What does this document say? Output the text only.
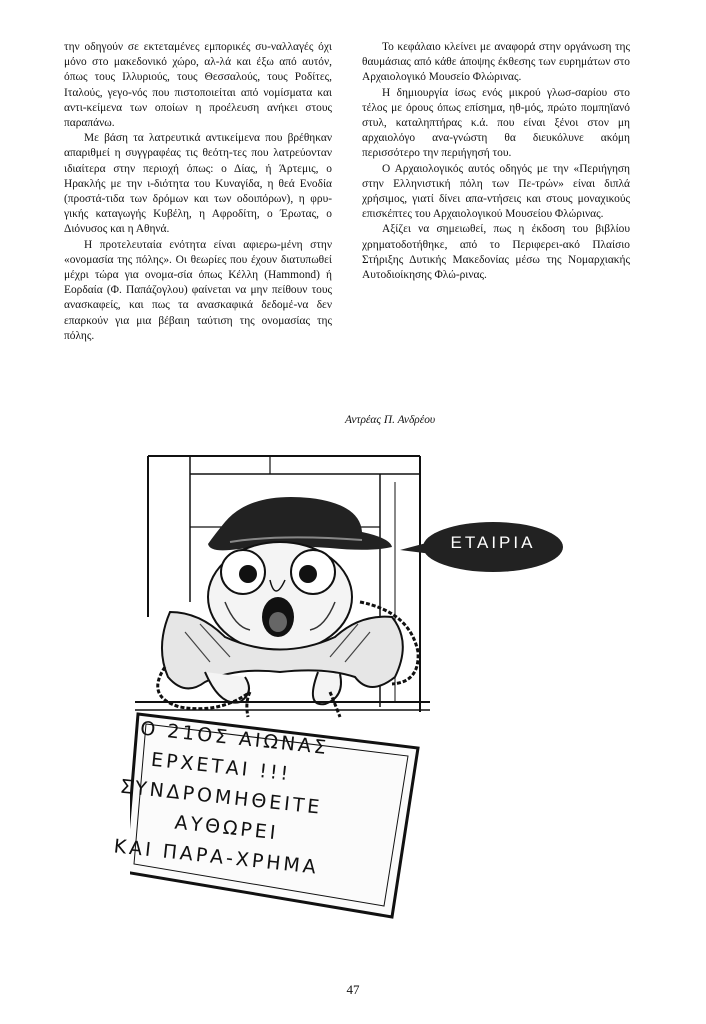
την οδηγούν σε εκτεταμένες εμπορικές συ-ναλλαγές όχι μόνο στο μακεδονικό χώρο, αλ-λά και έξω από αυτόν, όπως τους Ιλλυριούς, τους Θεσσαλούς, τους Ροδίτες, Ιταλούς, γεγο-νός που πιστοποιείται από νομίσματα και αντι-κείμενα των οποίων η προέλευση ανήκει στους παραπάνω.

Με βάση τα λατρευτικά αντικείμενα που βρέθηκαν απαριθμεί η συγγραφέας τις θεότη-τες που λατρεύονταν ιδιαίτερα στην περιοχή όπως: ο Δίας, ή Άρτεμις, ο Ηρακλής με την ι-διότητα του Κυναγίδα, η θεά Ενοδία (προστά-τιδα των δρόμων και των οδοιπόρων), η φρυ-γικής καταγωγής Κυβέλη, η Αφροδίτη, ο Έρωτας, ο Διόνυσος και η Αθηνά.

Η προτελευταία ενότητα είναι αφιερω-μένη στην «ονομασία της πόλης». Οι θεωρίες που έχουν διατυπωθεί μέχρι τώρα για ονομα-σία όπως Κέλλη (Hammond) ή Εορδαία (Φ. Παπάζογλου) φαίνεται να μην πείθουν τους ανασκαφείς, και πως τα ανασκαφικά δεδομέ-να δεν επαρκούν για μια βέβαιη ταύτιση της ονομασίας της πόλης.

Το κεφάλαιο κλείνει με αναφορά στην οργάνωση της θαυμάσιας από κάθε άποψης έκθεσης των ευρημάτων στο Αρχαιολογικό Μουσείο Φλώρινας.

Η δημιουργία ίσως ενός μικρού γλωσ-σαρίου στο τέλος με όρους όπως επίσημα, ηθ-μός, πρώτο πομπηϊανό στυλ, καταληπτήρας κ.ά. που είναι ξένοι στον μη αρχαιολόγο ανα-γνώστη θα διευκόλυνε ακόμη περισσότερο την περιήγησή του.

Ο Αρχαιολογικός αυτός οδηγός με την «Περιήγηση στην Ελληνιστική πόλη των Πε-τρών» είναι διπλά χρήσιμος, γιατί δίνει απα-ντήσεις και στους μοναχικούς επισκέπτες του Αρχαιολογικού Μουσείου Φλώρινας.

Αξίζει να σημειωθεί, πως η έκδοση του βιβλίου χρηματοδοτήθηκε, από το Περιφερει-ακό Πλαίσιο Στήριξης Δυτικής Μακεδονίας μέσω της Νομαρχιακής Αυτοδιοίκησης Φλώ-ρινας.

Αντρέας Π. Ανδρέου
ΕΤΑΙΡΙΑ
Ο 21ΟΣ ΑΙΩΝΑΣ
ΕΡΧΕΤΑΙ !!!
ΣΥΝΔΡΟΜΗΘΕΙΤΕ
ΑΥΘΩΡΕΙ
ΚΑΙ ΠΑΡΑ-ΧΡΗΜΑ
47
